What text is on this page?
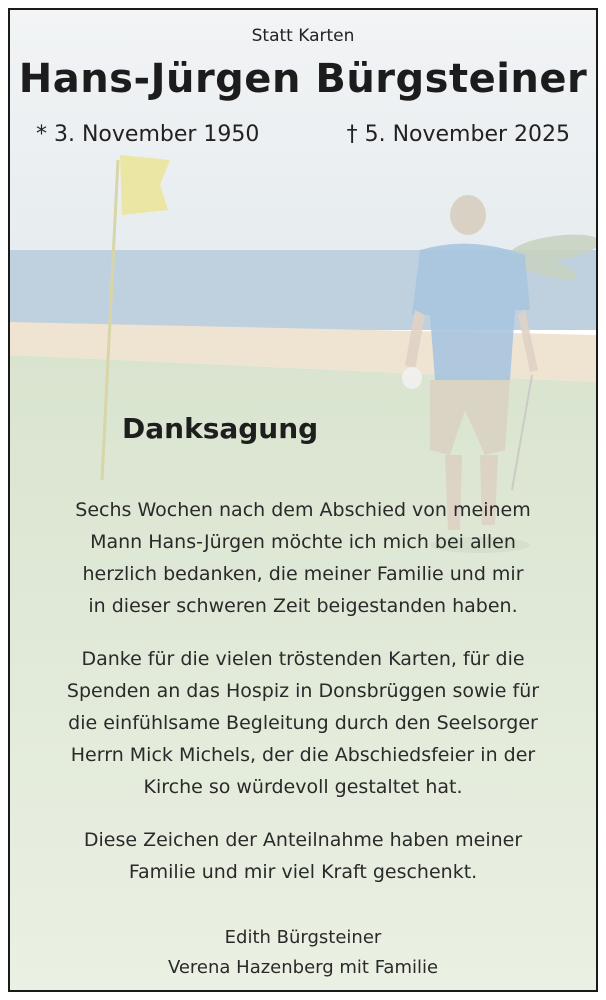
Statt Karten
Hans-Jürgen Bürgsteiner
* 3. November 1950	† 5. November 2025
Danksagung
Sechs Wochen nach dem Abschied von meinem
Mann Hans-Jürgen möchte ich mich bei allen
herzlich bedanken, die meiner Familie und mir
in dieser schweren Zeit beigestanden haben.
Danke für die vielen tröstenden Karten, für die
Spenden an das Hospiz in Donsbrüggen sowie für
die einfühlsame Begleitung durch den Seelsorger
Herrn Mick Michels, der die Abschiedsfeier in der
Kirche so würdevoll gestaltet hat.
Diese Zeichen der Anteilnahme haben meiner
Familie und mir viel Kraft geschenkt.
Edith Bürgsteiner
Verena Hazenberg mit Familie
